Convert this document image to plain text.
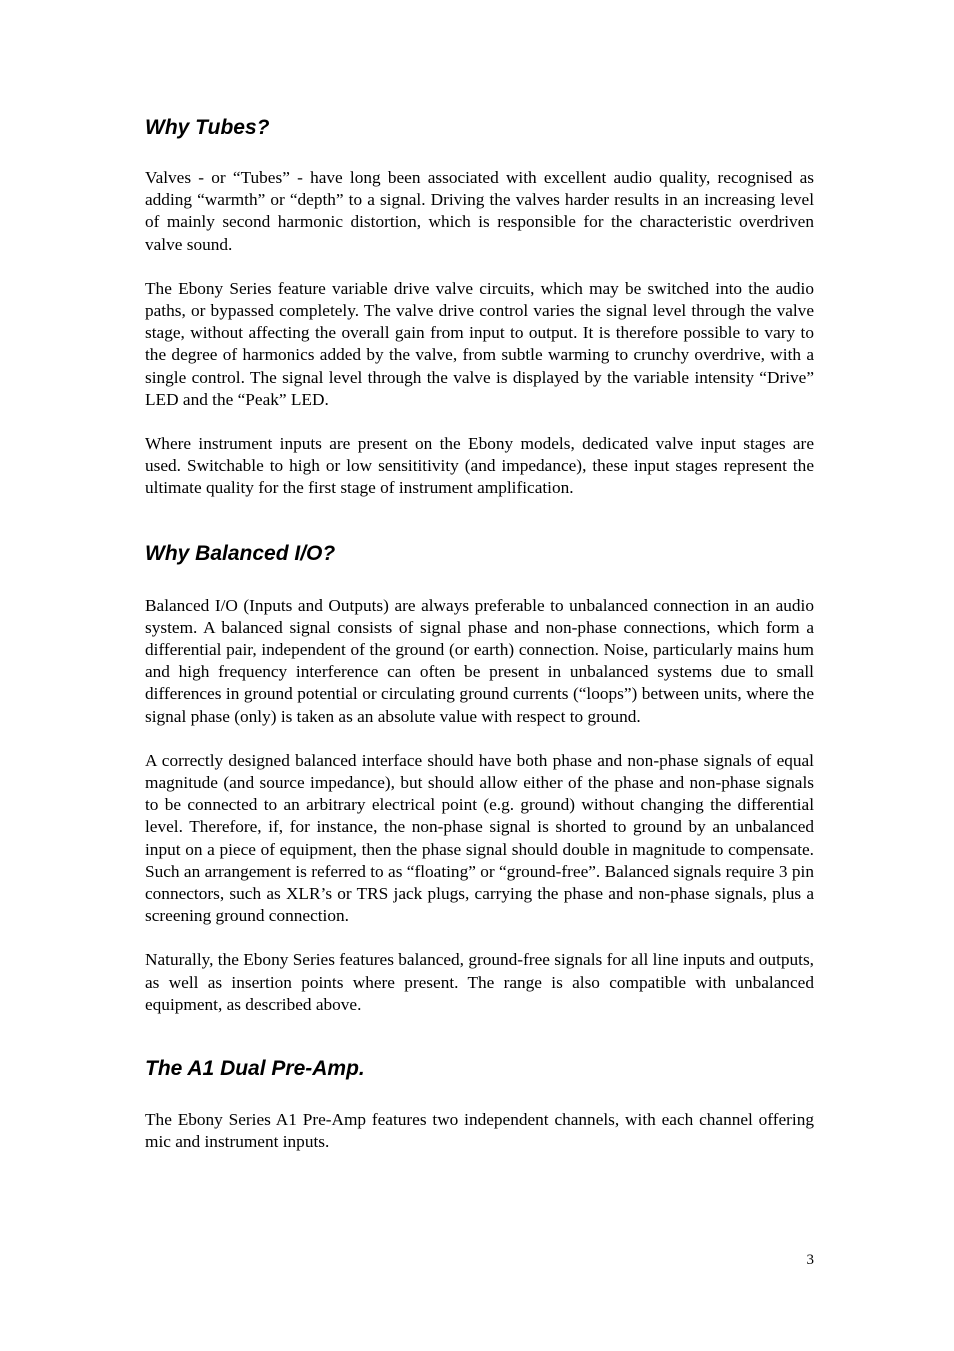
Why Tubes?

Valves - or “Tubes” - have long been associated with excellent audio quality, recognised as adding “warmth” or “depth” to a signal. Driving the valves harder results in an increasing level of mainly second harmonic distortion, which is responsible for the characteristic overdriven valve sound.

The Ebony Series feature variable drive valve circuits, which may be switched into the audio paths, or bypassed completely. The valve drive control varies the signal level through the valve stage, without affecting the overall gain from input to output. It is therefore possible to vary to the degree of harmonics added by the valve, from subtle warming to crunchy overdrive, with a single control. The signal level through the valve is displayed by the variable intensity “Drive” LED and the “Peak” LED.

Where instrument inputs are present on the Ebony models, dedicated valve input stages are used. Switchable to high or low sensititivity (and impedance), these input stages represent the ultimate quality for the first stage of instrument amplification.

Why Balanced I/O?

Balanced I/O (Inputs and Outputs) are always preferable to unbalanced connection in an audio system. A balanced signal consists of signal phase and non-phase connections, which form a differential pair, independent of the ground (or earth) connection. Noise, particularly mains hum and high frequency interference can often be present in unbalanced systems due to small differences in ground potential or circulating ground currents (“loops”) between units, where the signal phase (only) is taken as an absolute value with respect to ground.

A correctly designed balanced interface should have both phase and non-phase signals of equal magnitude (and source impedance), but should allow either of the phase and non-phase signals to be connected to an arbitrary electrical point (e.g. ground) without changing the differential level. Therefore, if, for instance, the non-phase signal is shorted to ground by an unbalanced input on a piece of equipment, then the phase signal should double in magnitude to compensate. Such an arrangement is referred to as “floating” or “ground-free”. Balanced signals require 3 pin connectors, such as XLR’s or TRS jack plugs, carrying the phase and non-phase signals, plus a screening ground connection.

Naturally, the Ebony Series features balanced, ground-free signals for all line inputs and outputs, as well as insertion points where present. The range is also compatible with unbalanced equipment, as described above.

The A1 Dual Pre-Amp.

The Ebony Series A1 Pre-Amp features two independent channels, with each channel offering mic and instrument inputs.

3
